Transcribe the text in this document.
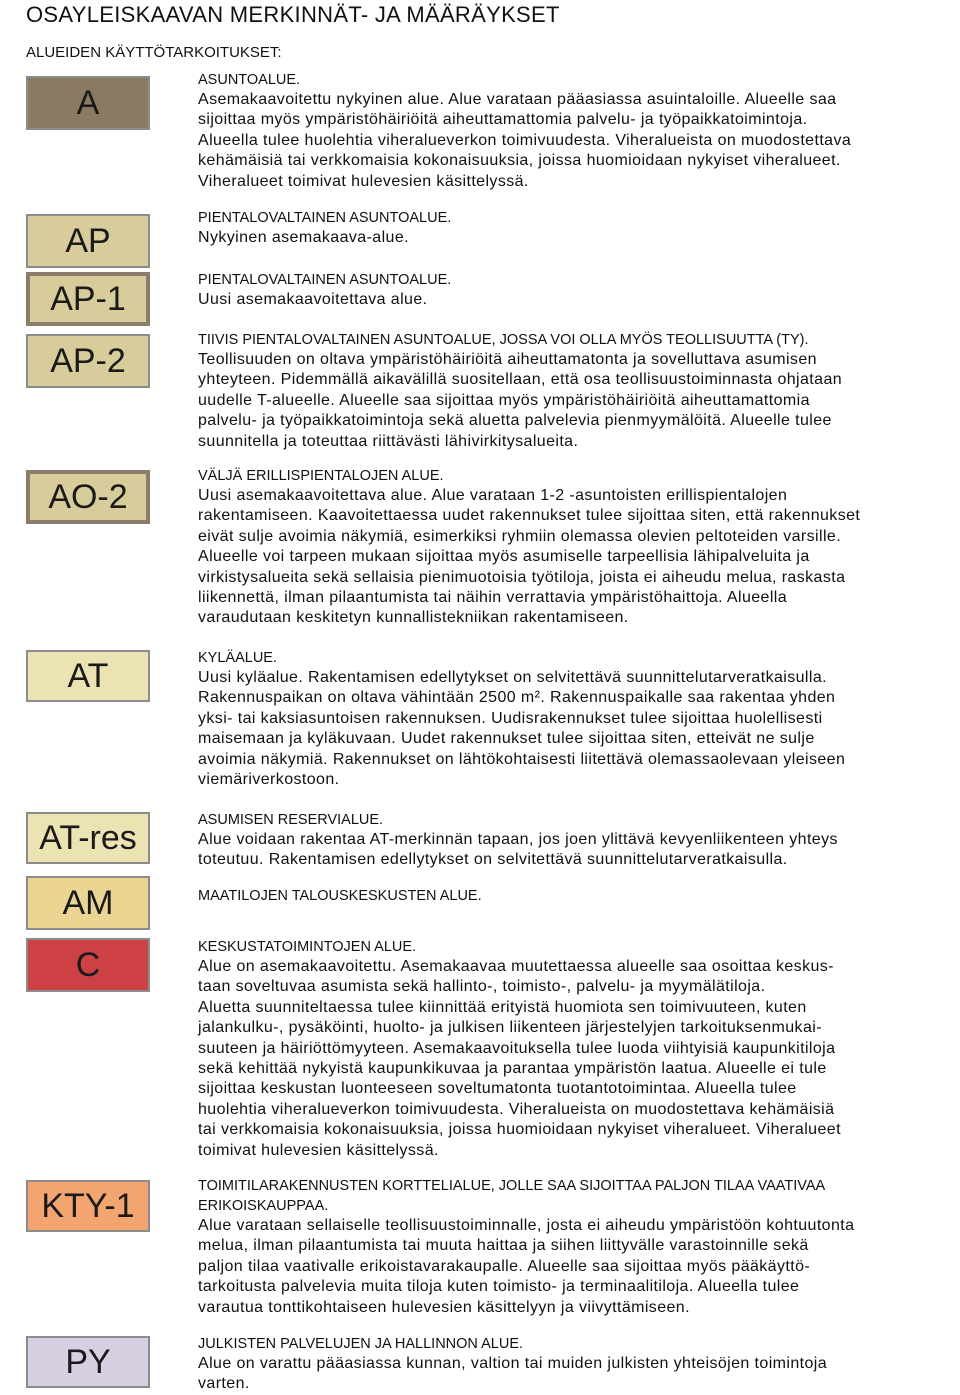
OSAYLEISKAAVAN MERKINNÄT- JA MÄÄRÄYKSET
ALUEIDEN KÄYTTÖTARKOITUKSET:
A
AP
AP-1
AP-2
AO-2
AT
AT-res
AM
C
KTY-1
PY
ASUNTOALUE.
Asemakaavoitettu nykyinen alue. Alue varataan pääasiassa asuintaloille. Alueelle saa
sijoittaa myös ympäristöhäiriöitä aiheuttamattomia palvelu- ja työpaikkatoimintoja.
Alueella tulee huolehtia viheralueverkon toimivuudesta. Viheralueista on muodostettava
kehämäisiä tai verkkomaisia kokonaisuuksia, joissa huomioidaan nykyiset viheralueet.
Viheralueet toimivat hulevesien käsittelyssä.
PIENTALOVALTAINEN ASUNTOALUE.
Nykyinen asemakaava-alue.
PIENTALOVALTAINEN ASUNTOALUE.
Uusi asemakaavoitettava alue.
TIIVIS PIENTALOVALTAINEN ASUNTOALUE, JOSSA VOI OLLA MYÖS TEOLLISUUTTA (TY).
Teollisuuden on oltava ympäristöhäiriöitä aiheuttamatonta ja sovelluttava asumisen
yhteyteen. Pidemmällä aikavälillä suositellaan, että osa teollisuustoiminnasta ohjataan
uudelle T-alueelle. Alueelle saa sijoittaa myös ympäristöhäiriöitä aiheuttamattomia
palvelu- ja työpaikkatoimintoja sekä aluetta palvelevia pienmyymälöitä. Alueelle tulee
suunnitella ja toteuttaa riittävästi lähivirkitysalueita.
VÄLJÄ ERILLISPIENTALOJEN ALUE.
Uusi asemakaavoitettava alue. Alue varataan 1-2 -asuntoisten erillispientalojen
rakentamiseen. Kaavoitettaessa uudet rakennukset tulee sijoittaa siten, että rakennukset
eivät sulje avoimia näkymiä, esimerkiksi ryhmiin olemassa olevien peltoteiden varsille.
Alueelle voi tarpeen mukaan sijoittaa myös asumiselle tarpeellisia lähipalveluita ja
virkistysalueita sekä sellaisia pienimuotoisia työtiloja, joista ei aiheudu melua, raskasta
liikennettä, ilman pilaantumista tai näihin verrattavia ympäristöhaittoja. Alueella
varaudutaan keskitetyn kunnallistekniikan rakentamiseen.
KYLÄALUE.
Uusi kyläalue. Rakentamisen edellytykset on selvitettävä suunnittelutarveratkaisulla.
Rakennuspaikan on oltava vähintään 2500 m². Rakennuspaikalle saa rakentaa yhden
yksi- tai kaksiasuntoisen rakennuksen. Uudisrakennukset tulee sijoittaa huolellisesti
maisemaan ja kyläkuvaan. Uudet rakennukset tulee sijoittaa siten, etteivät ne sulje
avoimia näkymiä. Rakennukset on lähtökohtaisesti liitettävä olemassaolevaan yleiseen
viemäriverkostoon.
ASUMISEN RESERVIALUE.
Alue voidaan rakentaa AT-merkinnän tapaan, jos joen ylittävä kevyenliikenteen yhteys
toteutuu. Rakentamisen edellytykset on selvitettävä suunnittelutarveratkaisulla.
MAATILOJEN TALOUSKESKUSTEN ALUE.
KESKUSTATOIMINTOJEN ALUE.
Alue on asemakaavoitettu. Asemakaavaa muutettaessa alueelle saa osoittaa keskus-
taan soveltuvaa asumista sekä hallinto-, toimisto-, palvelu- ja myymälätiloja.
Aluetta suunniteltaessa tulee kiinnittää erityistä huomiota sen toimivuuteen, kuten
jalankulku-, pysäköinti, huolto- ja julkisen liikenteen järjestelyjen tarkoituksenmukai-
suuteen ja häiriöttömyyteen. Asemakaavoituksella tulee luoda viihtyisiä kaupunkitiloja
sekä kehittää nykyistä kaupunkikuvaa ja parantaa ympäristön laatua. Alueelle ei tule
sijoittaa keskustan luonteeseen soveltumatonta tuotantotoimintaa. Alueella tulee
huolehtia viheralueverkon toimivuudesta. Viheralueista on muodostettava kehämäisiä
tai verkkomaisia kokonaisuuksia, joissa huomioidaan nykyiset viheralueet. Viheralueet
toimivat hulevesien käsittelyssä.
TOIMITILARAKENNUSTEN KORTTELIALUE, JOLLE SAA SIJOITTAA PALJON TILAA VAATIVAA
ERIKOISKAUPPAA.
Alue varataan sellaiselle teollisuustoiminnalle, josta ei aiheudu ympäristöön kohtuutonta
melua, ilman pilaantumista tai muuta haittaa ja siihen liittyvälle varastoinnille sekä
paljon tilaa vaativalle erikoistavarakaupalle. Alueelle saa sijoittaa myös pääkäyttö-
tarkoitusta palvelevia muita tiloja kuten toimisto- ja terminaalitiloja. Alueella tulee
varautua tonttikohtaiseen hulevesien käsittelyyn ja viivyttämiseen.
JULKISTEN PALVELUJEN JA HALLINNON ALUE.
Alue on varattu pääasiassa kunnan, valtion tai muiden julkisten yhteisöjen toimintoja
varten.
